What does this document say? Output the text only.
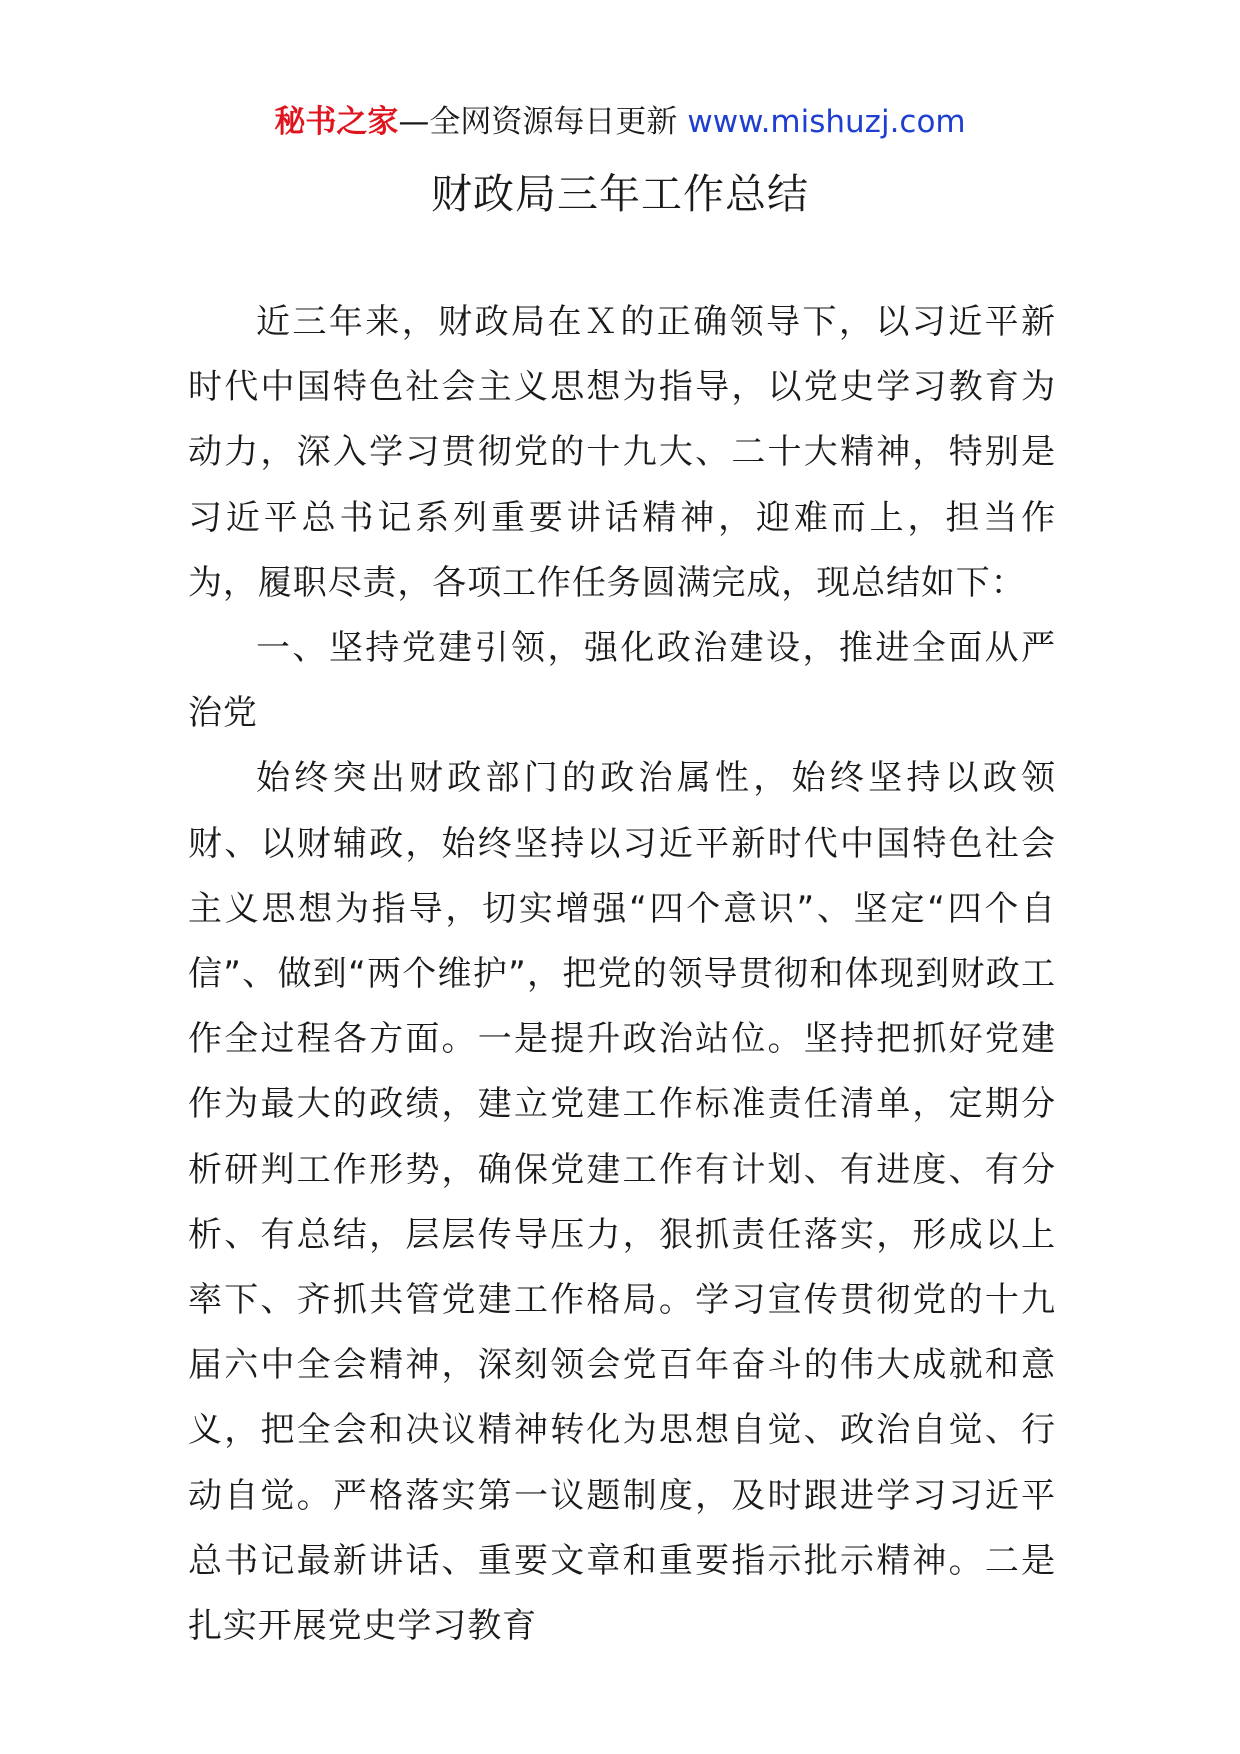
秘书之家—全网资源每日更新 www.mishuzj.com
财政局三年工作总结

近三年来，财政局在Ｘ的正确领导下，以习近平新时代中国特色社会主义思想为指导，以党史学习教育为动力，深入学习贯彻党的十九大、二十大精神，特别是习近平总书记系列重要讲话精神，迎难而上，担当作为，履职尽责，各项工作任务圆满完成，现总结如下：

一、坚持党建引领，强化政治建设，推进全面从严治党

始终突出财政部门的政治属性，始终坚持以政领财、以财辅政，始终坚持以习近平新时代中国特色社会主义思想为指导，切实增强“四个意识”、坚定“四个自信”、做到“两个维护”，把党的领导贯彻和体现到财政工作全过程各方面。一是提升政治站位。坚持把抓好党建作为最大的政绩，建立党建工作标准责任清单，定期分析研判工作形势，确保党建工作有计划、有进度、有分析、有总结，层层传导压力，狠抓责任落实，形成以上率下、齐抓共管党建工作格局。学习宣传贯彻党的十九届六中全会精神，深刻领会党百年奋斗的伟大成就和意义，把全会和决议精神转化为思想自觉、政治自觉、行动自觉。严格落实第一议题制度，及时跟进学习习近平总书记最新讲话、重要文章和重要指示批示精神。二是扎实开展党史学习教育
